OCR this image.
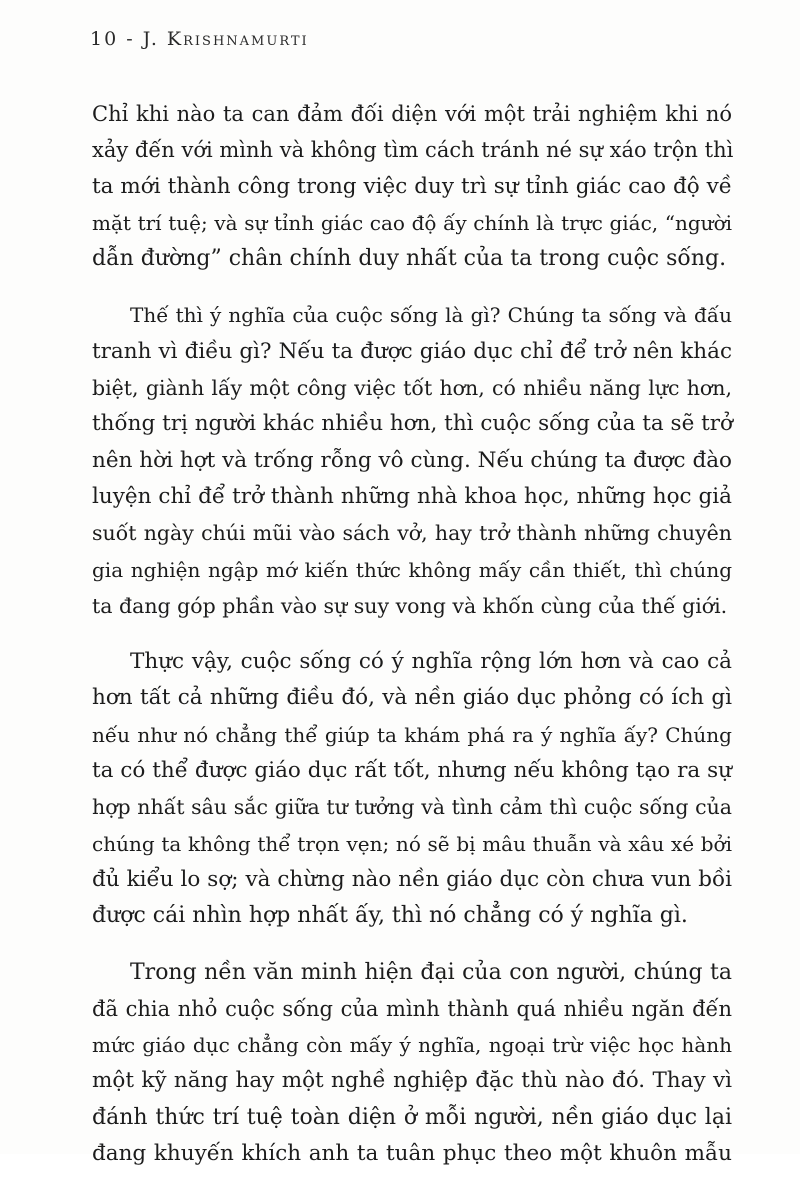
10 - J. Krishnamurti

Chỉ khi nào ta can đảm đối diện với một trải nghiệm khi nó
xảy đến với mình và không tìm cách tránh né sự xáo trộn thì
ta mới thành công trong việc duy trì sự tỉnh giác cao độ về
mặt trí tuệ; và sự tỉnh giác cao độ ấy chính là trực giác, “người
dẫn đường” chân chính duy nhất của ta trong cuộc sống.

Thế thì ý nghĩa của cuộc sống là gì? Chúng ta sống và đấu
tranh vì điều gì? Nếu ta được giáo dục chỉ để trở nên khác
biệt, giành lấy một công việc tốt hơn, có nhiều năng lực hơn,
thống trị người khác nhiều hơn, thì cuộc sống của ta sẽ trở
nên hời hợt và trống rỗng vô cùng. Nếu chúng ta được đào
luyện chỉ để trở thành những nhà khoa học, những học giả
suốt ngày chúi mũi vào sách vở, hay trở thành những chuyên
gia nghiện ngập mớ kiến thức không mấy cần thiết, thì chúng
ta đang góp phần vào sự suy vong và khốn cùng của thế giới.

Thực vậy, cuộc sống có ý nghĩa rộng lớn hơn và cao cả
hơn tất cả những điều đó, và nền giáo dục phỏng có ích gì
nếu như nó chẳng thể giúp ta khám phá ra ý nghĩa ấy? Chúng
ta có thể được giáo dục rất tốt, nhưng nếu không tạo ra sự
hợp nhất sâu sắc giữa tư tưởng và tình cảm thì cuộc sống của
chúng ta không thể trọn vẹn; nó sẽ bị mâu thuẫn và xâu xé bởi
đủ kiểu lo sợ; và chừng nào nền giáo dục còn chưa vun bồi
được cái nhìn hợp nhất ấy, thì nó chẳng có ý nghĩa gì.

Trong nền văn minh hiện đại của con người, chúng ta
đã chia nhỏ cuộc sống của mình thành quá nhiều ngăn đến
mức giáo dục chẳng còn mấy ý nghĩa, ngoại trừ việc học hành
một kỹ năng hay một nghề nghiệp đặc thù nào đó. Thay vì
đánh thức trí tuệ toàn diện ở mỗi người, nền giáo dục lại
đang khuyến khích anh ta tuân phục theo một khuôn mẫu
